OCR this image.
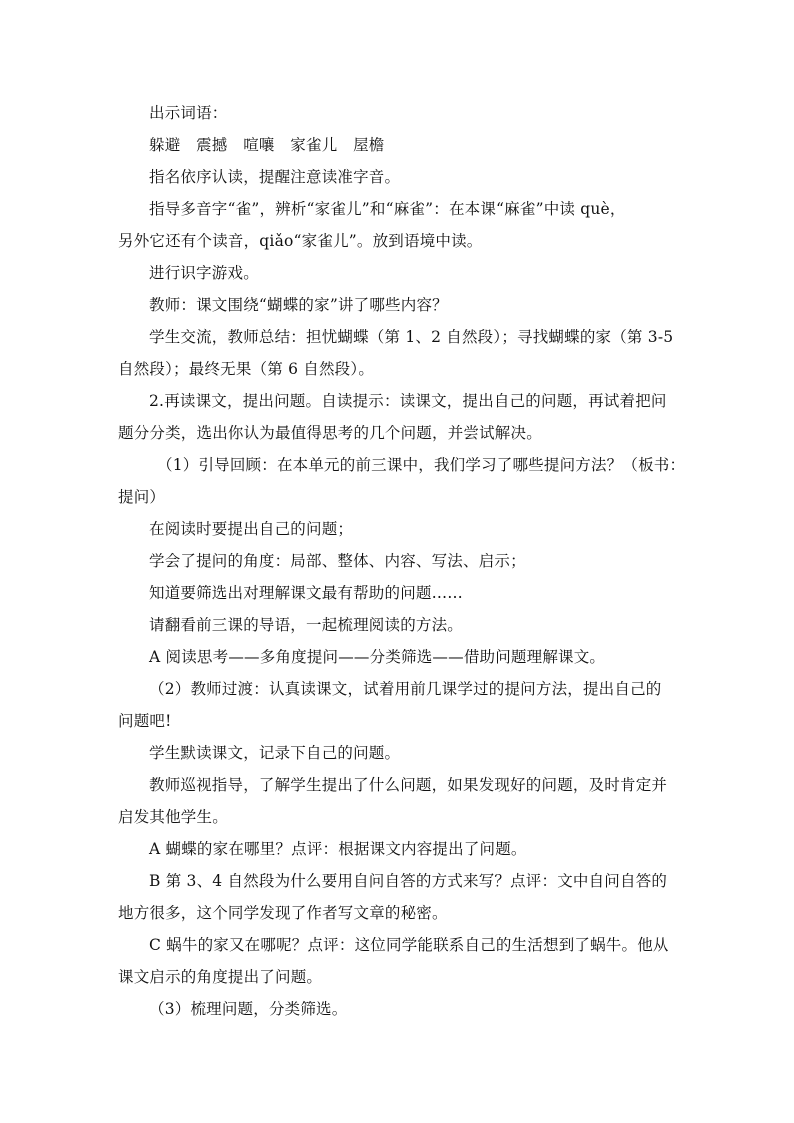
出示词语：
躲避　震撼　喧嚷　家雀儿　屋檐
指名依序认读，提醒注意读准字音。
指导多音字“雀”，辨析“家雀儿”和“麻雀”：在本课“麻雀”中读 què，
另外它还有个读音，qiǎo“家雀儿”。放到语境中读。
进行识字游戏。
教师：课文围绕“蝴蝶的家”讲了哪些内容？
学生交流，教师总结：担忧蝴蝶（第 1、2 自然段）；寻找蝴蝶的家（第 3-5
自然段）；最终无果（第 6 自然段）。
2.再读课文，提出问题。自读提示：读课文，提出自己的问题，再试着把问
题分分类，选出你认为最值得思考的几个问题，并尝试解决。
（1）引导回顾：在本单元的前三课中，我们学习了哪些提问方法？（板书：
提问）
在阅读时要提出自己的问题；
学会了提问的角度：局部、整体、内容、写法、启示；
知道要筛选出对理解课文最有帮助的问题……
请翻看前三课的导语，一起梳理阅读的方法。
A 阅读思考——多角度提问——分类筛选——借助问题理解课文。
（2）教师过渡：认真读课文，试着用前几课学过的提问方法，提出自己的
问题吧!
学生默读课文，记录下自己的问题。
教师巡视指导，了解学生提出了什么问题，如果发现好的问题，及时肯定并
启发其他学生。
A 蝴蝶的家在哪里？点评：根据课文内容提出了问题。
B 第 3、4 自然段为什么要用自问自答的方式来写？点评：文中自问自答的
地方很多，这个同学发现了作者写文章的秘密。
C 蜗牛的家又在哪呢？点评：这位同学能联系自己的生活想到了蜗牛。他从
课文启示的角度提出了问题。
（3）梳理问题，分类筛选。
